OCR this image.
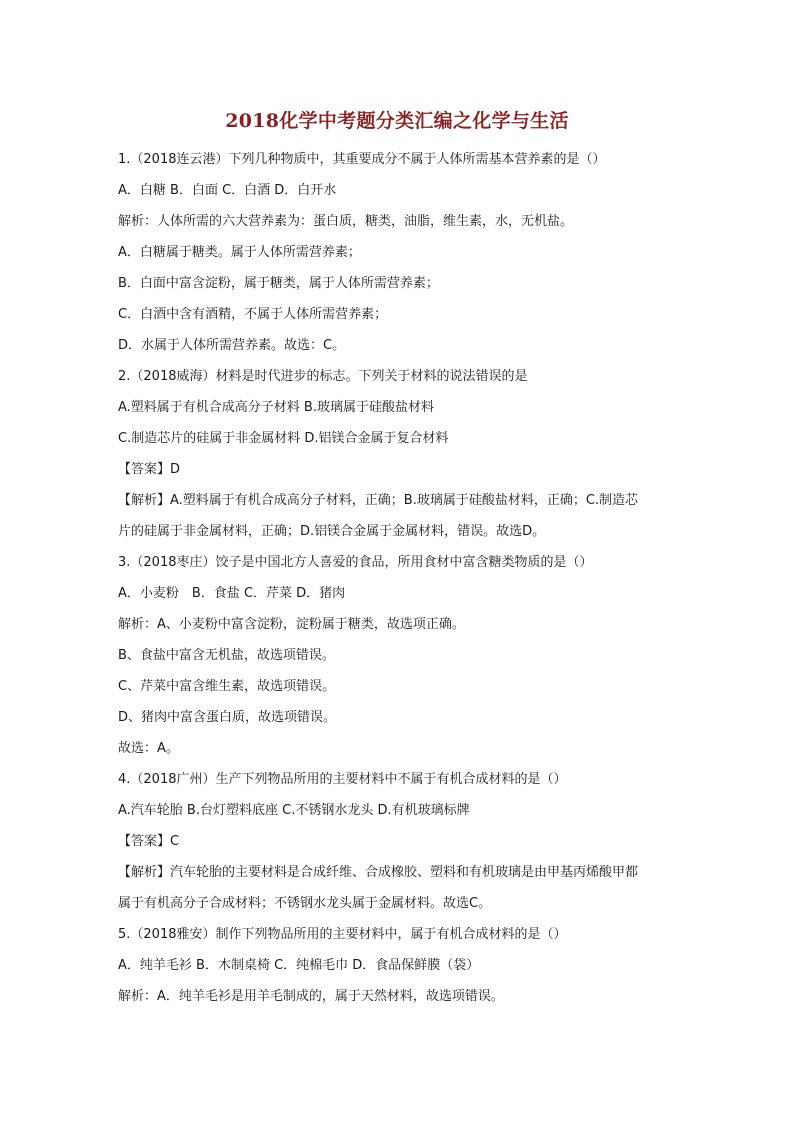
2018化学中考题分类汇编之化学与生活
1.（2018连云港）下列几种物质中，其重要成分不属于人体所需基本营养素的是（）
A．白糖 B．白面 C．白酒 D．白开水
解析：人体所需的六大营养素为：蛋白质，糖类，油脂，维生素，水，无机盐。
A．白糖属于糖类。属于人体所需营养素；
B．白面中富含淀粉，属于糖类，属于人体所需营养素；
C．白酒中含有酒精，不属于人体所需营养素；
D．水属于人体所需营养素。故选：C。
2.（2018威海）材料是时代进步的标志。下列关于材料的说法错误的是
A.塑料属于有机合成高分子材料 B.玻璃属于硅酸盐材料
C.制造芯片的硅属于非金属材料 D.铝镁合金属于复合材料
【答案】D
【解析】A.塑料属于有机合成高分子材料，正确；B.玻璃属于硅酸盐材料，正确；C.制造芯
片的硅属于非金属材料，正确；D.铝镁合金属于金属材料，错误。故选D。
3.（2018枣庄）饺子是中国北方人喜爱的食品，所用食材中富含糖类物质的是（）
A．小麦粉　B．食盐 C．芹菜 D．猪肉
解析：A、小麦粉中富含淀粉，淀粉属于糖类，故选项正确。
B、食盐中富含无机盐，故选项错误。
C、芹菜中富含维生素，故选项错误。
D、猪肉中富含蛋白质，故选项错误。
故选：A。
4.（2018广州）生产下列物品所用的主要材料中不属于有机合成材料的是（）
A.汽车轮胎 B.台灯塑料底座 C.不锈钢水龙头 D.有机玻璃标牌
【答案】C
【解析】汽车轮胎的主要材料是合成纤维、合成橡胶、塑料和有机玻璃是由甲基丙烯酸甲都
属于有机高分子合成材料；不锈钢水龙头属于金属材料。故选C。
5.（2018雅安）制作下列物品所用的主要材料中，属于有机合成材料的是（）
A．纯羊毛衫 B．木制桌椅 C．纯棉毛巾 D．食品保鲜膜（袋）
解析：A．纯羊毛衫是用羊毛制成的，属于天然材料，故选项错误。
